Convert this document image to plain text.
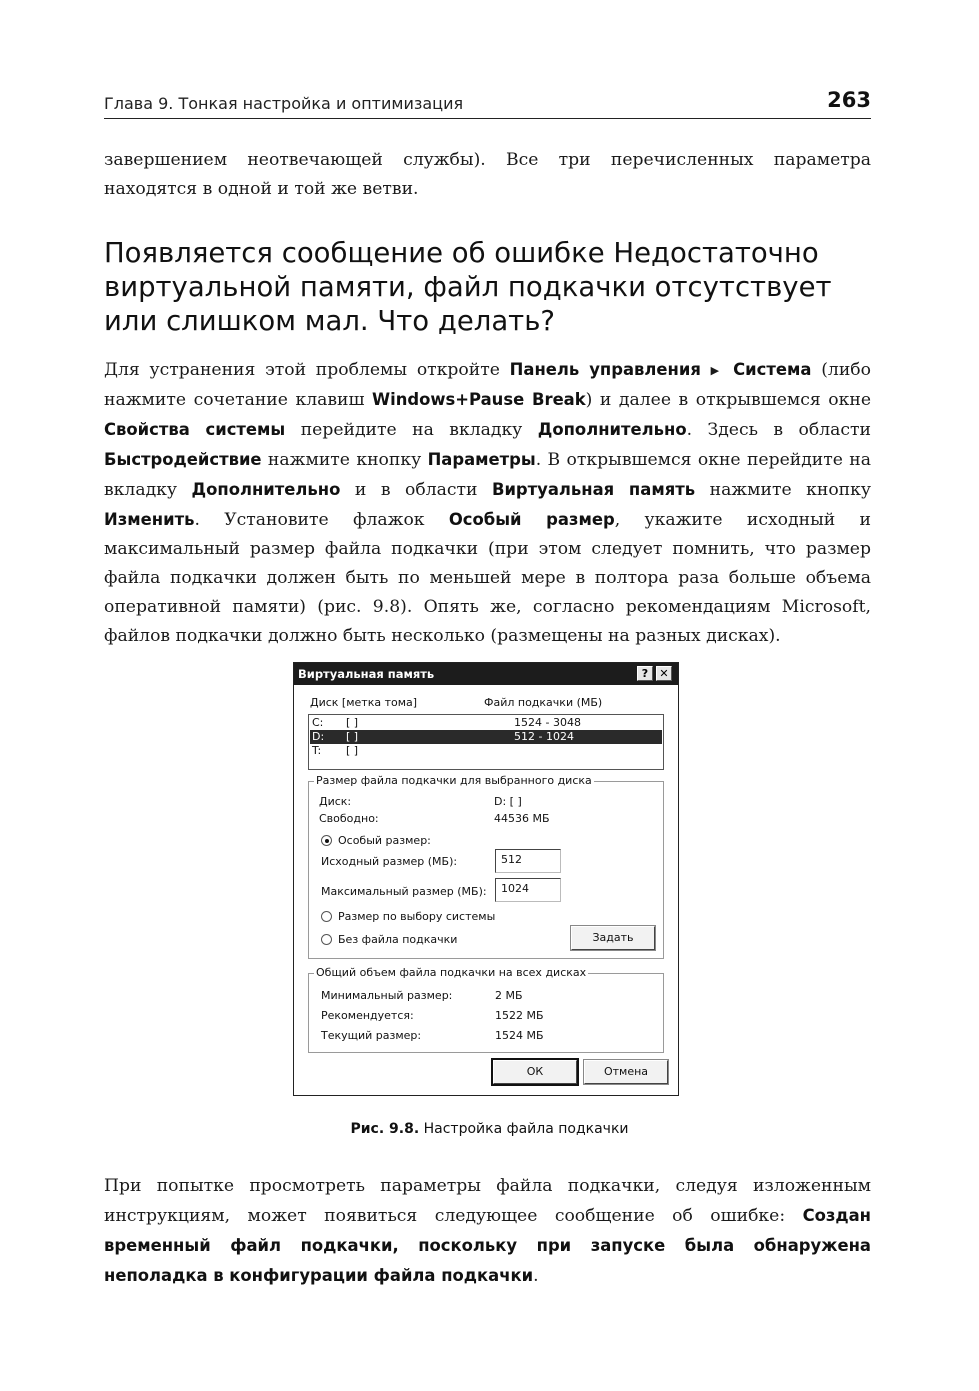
Глава 9. Тонкая настройка и оптимизация	263

завершением неотвечающей службы). Все три перечисленных параметра находятся в одной и той же ветви.

Появляется сообщение об ошибке Недостаточно виртуальной памяти, файл подкачки отсутствует или слишком мал. Что делать?

Для устранения этой проблемы откройте Панель управления ▶ Система (либо нажмите сочетание клавиш Windows+Pause Break) и далее в открывшемся окне Свойства системы перейдите на вкладку Дополнительно. Здесь в области Быстродействие нажмите кнопку Параметры. В открывшемся окне перейдите на вкладку Дополнительно и в области Виртуальная память нажмите кнопку Изменить. Установите флажок Особый размер, укажите исходный и максимальный размер файла подкачки (при этом следует помнить, что размер файла подкачки должен быть по меньшей мере в полтора раза больше объема оперативной памяти) (рис. 9.8). Опять же, согласно рекомендациям Microsoft, файлов подкачки должно быть несколько (размещены на разных дисках).

Виртуальная память	?	✕
Диск [метка тома]	Файл подкачки (МБ)
C: [ ]	1524 - 3048
D: [ ]	512 - 1024
T: [ ]
Размер файла подкачки для выбранного диска
Диск:	D: [ ]
Свободно:	44536 МБ
Особый размер:
Исходный размер (МБ):	512
Максимальный размер (МБ):	1024
Размер по выбору системы
Без файла подкачки	Задать
Общий объем файла подкачки на всех дисках
Минимальный размер:	2 МБ
Рекомендуется:	1522 МБ
Текущий размер:	1524 МБ
ОК	Отмена
Рис. 9.8. Настройка файла подкачки

При попытке просмотреть параметры файла подкачки, следуя изложенным инструкциям, может появиться следующее сообщение об ошибке: Создан временный файл подкачки, поскольку при запуске была обнаружена неполадка в конфигурации файла подкачки.
